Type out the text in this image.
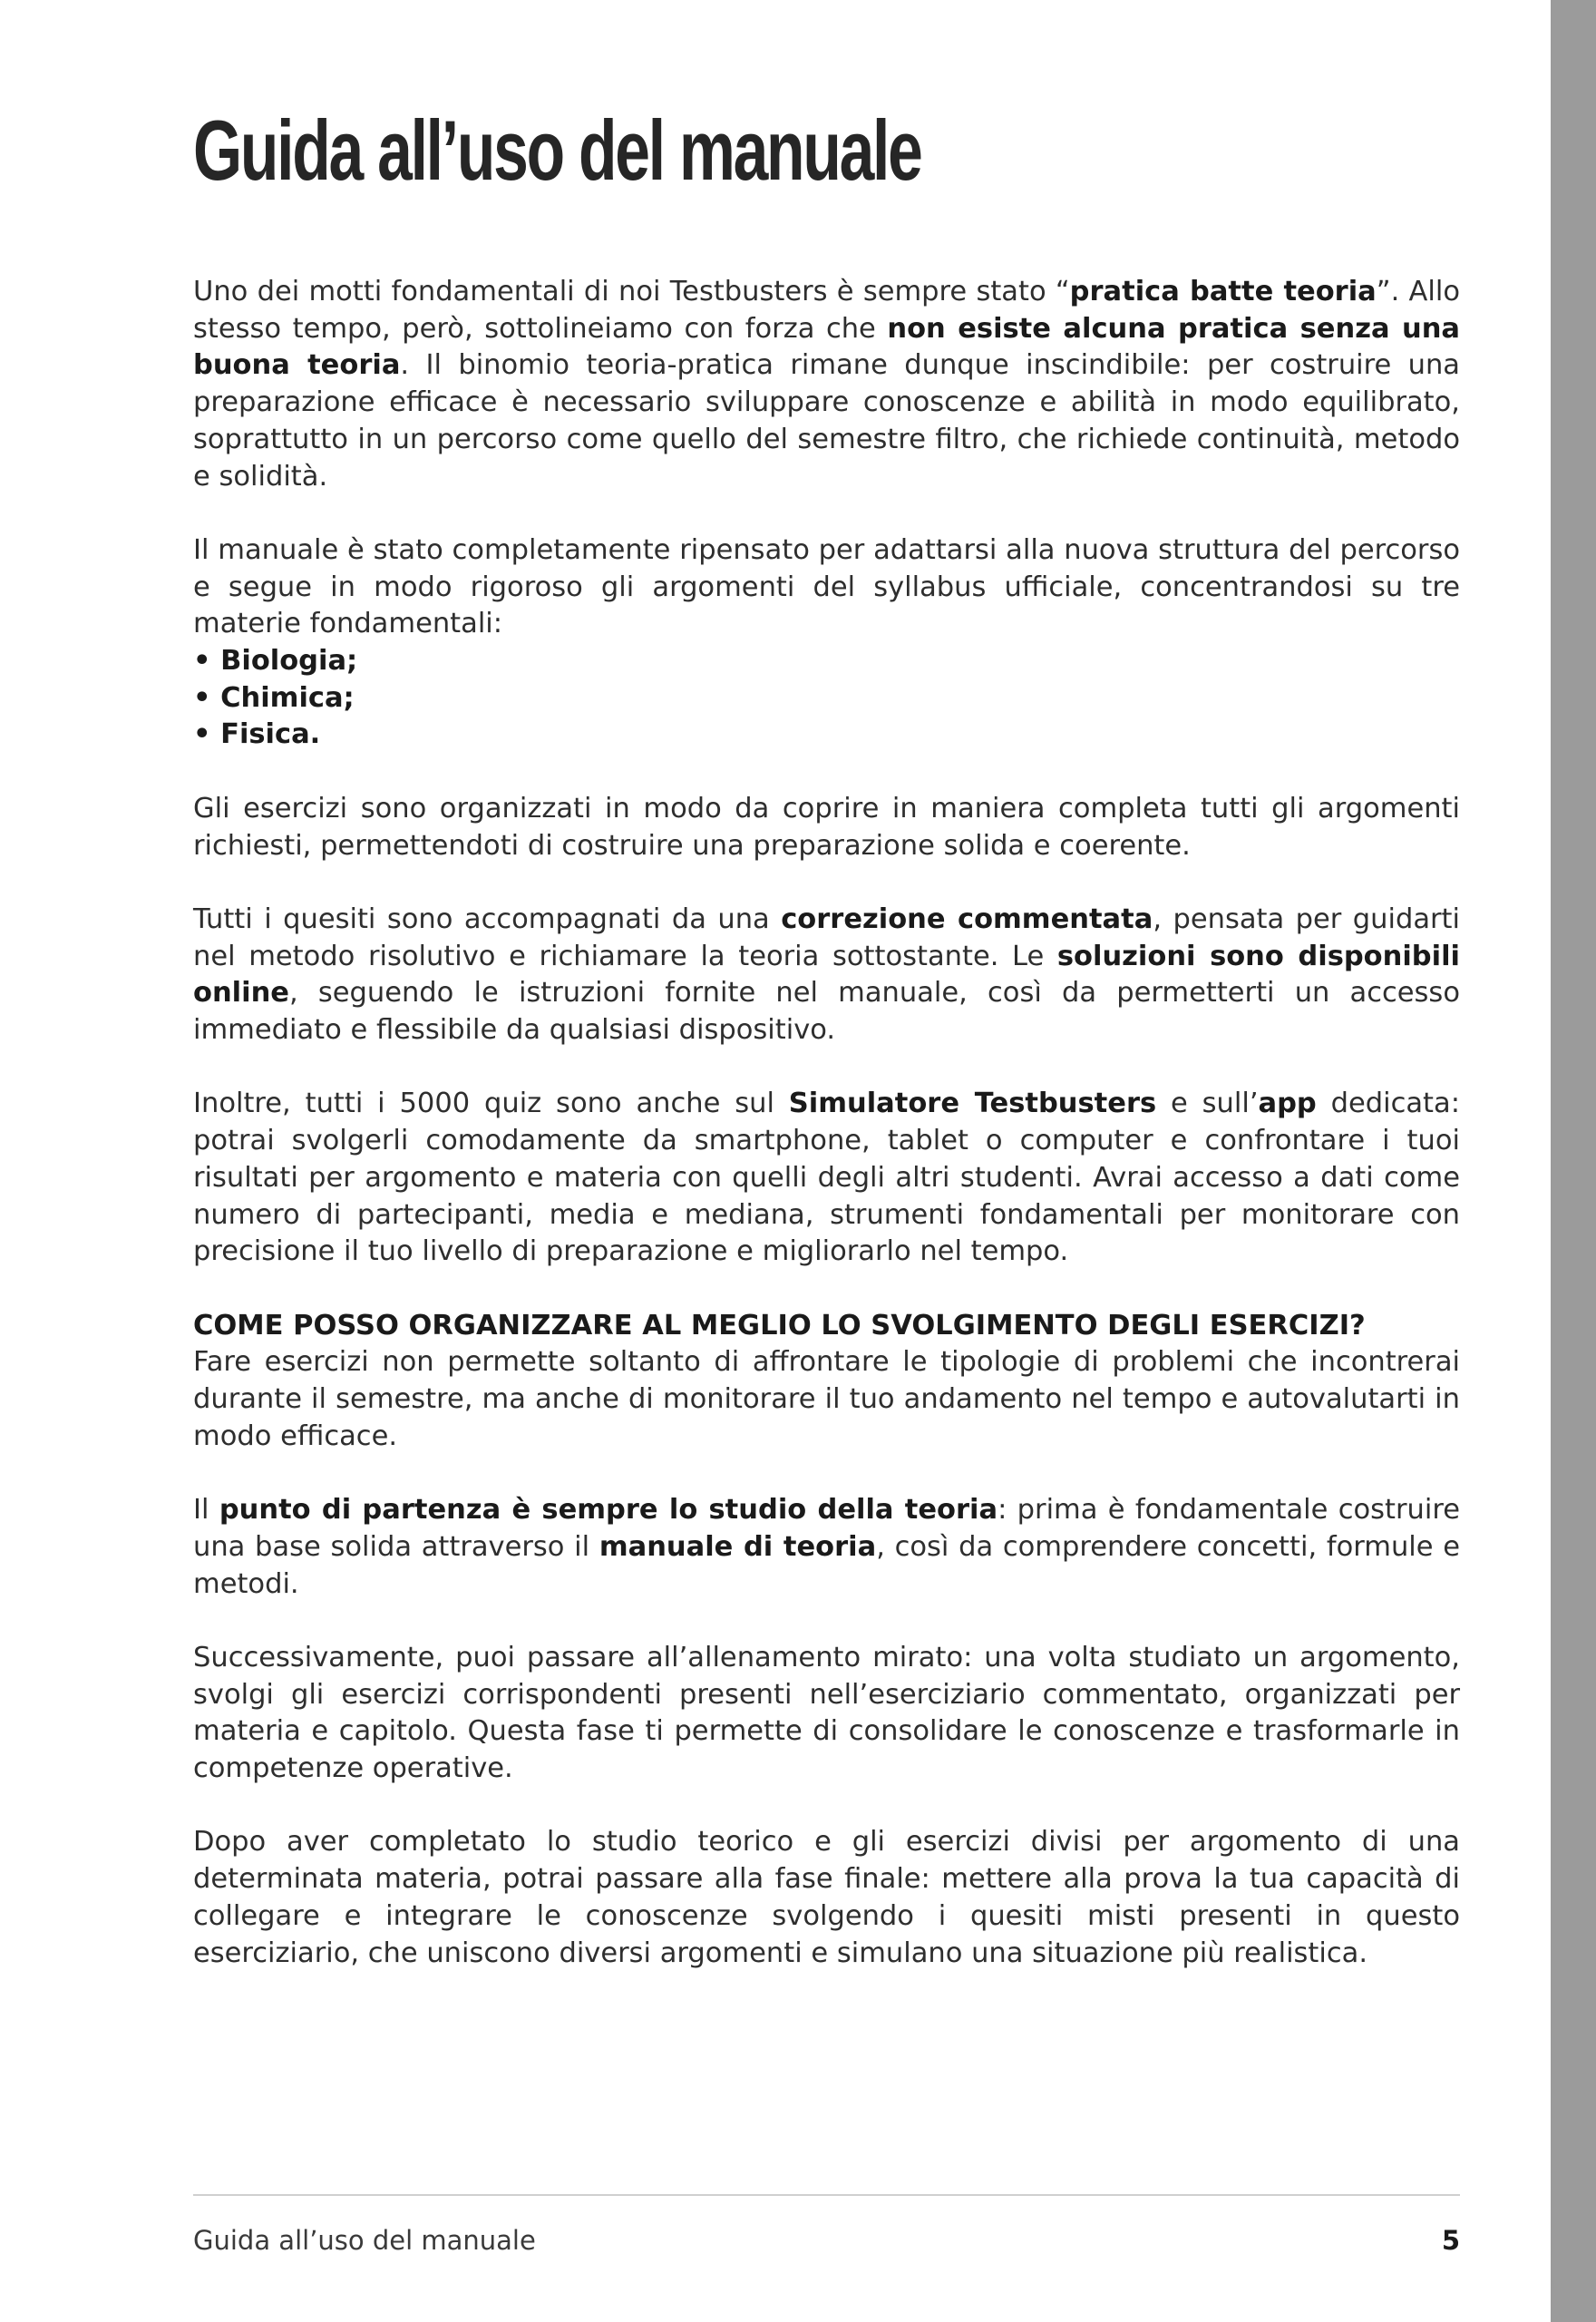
Guida all’uso del manuale

Uno dei motti fondamentali di noi Testbusters è sempre stato “pratica batte teoria”. Allo stesso tempo, però, sottolineiamo con forza che non esiste alcuna pratica senza una buona teoria. Il binomio teoria-pratica rimane dunque inscindibile: per costruire una preparazione efficace è necessario sviluppare conoscenze e abilità in modo equilibrato, soprattutto in un percorso come quello del semestre filtro, che richiede continuità, metodo e solidità.

Il manuale è stato completamente ripensato per adattarsi alla nuova struttura del percorso e segue in modo rigoroso gli argomenti del syllabus ufficiale, concentrandosi su tre materie fondamentali:
• Biologia;
• Chimica;
• Fisica.

Gli esercizi sono organizzati in modo da coprire in maniera completa tutti gli argomenti richiesti, permettendoti di costruire una preparazione solida e coerente.

Tutti i quesiti sono accompagnati da una correzione commentata, pensata per guidarti nel metodo risolutivo e richiamare la teoria sottostante. Le soluzioni sono disponibili online, seguendo le istruzioni fornite nel manuale, così da permetterti un accesso immediato e flessibile da qualsiasi dispositivo.

Inoltre, tutti i 5000 quiz sono anche sul Simulatore Testbusters e sull’app dedicata: potrai svolgerli comodamente da smartphone, tablet o computer e confrontare i tuoi risultati per argomento e materia con quelli degli altri studenti. Avrai accesso a dati come numero di partecipanti, media e mediana, strumenti fondamentali per monitorare con precisione il tuo livello di preparazione e migliorarlo nel tempo.

COME POSSO ORGANIZZARE AL MEGLIO LO SVOLGIMENTO DEGLI ESERCIZI?
Fare esercizi non permette soltanto di affrontare le tipologie di problemi che incontrerai durante il semestre, ma anche di monitorare il tuo andamento nel tempo e autovalutarti in modo efficace.

Il punto di partenza è sempre lo studio della teoria: prima è fondamentale costruire una base solida attraverso il manuale di teoria, così da comprendere concetti, formule e metodi.

Successivamente, puoi passare all’allenamento mirato: una volta studiato un argomento, svolgi gli esercizi corrispondenti presenti nell’eserciziario commentato, organizzati per materia e capitolo. Questa fase ti permette di consolidare le conoscenze e trasformarle in competenze operative.

Dopo aver completato lo studio teorico e gli esercizi divisi per argomento di una determinata materia, potrai passare alla fase finale: mettere alla prova la tua capacità di collegare e integrare le conoscenze svolgendo i quesiti misti presenti in questo eserciziario, che uniscono diversi argomenti e simulano una situazione più realistica.

Guida all’uso del manuale	5
